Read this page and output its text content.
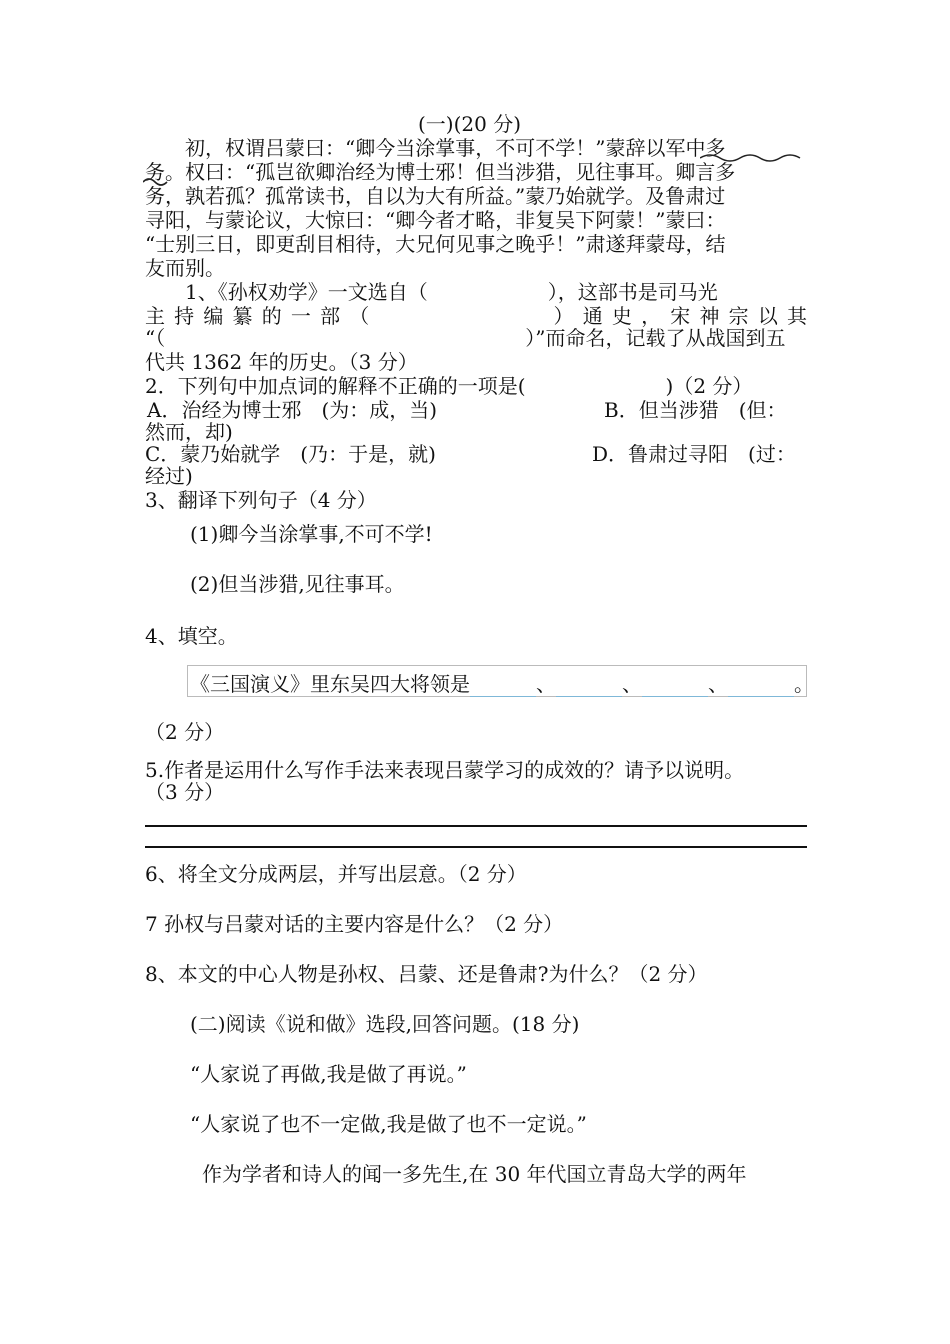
(一)(20 分)
　　初，权谓吕蒙曰：“卿今当涂掌事，不可不学！”蒙辞以军中多
务。权曰：“孤岂欲卿治经为博士邪！但当涉猎，见往事耳。卿言多
务，孰若孤？孤常读书，自以为大有所益。”蒙乃始就学。及鲁肃过
寻阳，与蒙论议，大惊曰：“卿今者才略，非复吴下阿蒙！”蒙曰：
“士别三日，即更刮目相待，大兄何见事之晚乎！”肃遂拜蒙母，结
友而别。
　　1、《孙权劝学》一文选自（　　　　　　），这部书是司马光
主持编纂的一部（　　　　　　）通史，宋神宗以其
“（　　　　　　　　　　　　　　　　　　）”而命名，记载了从战国到五
代共 1362 年的历史。（3 分）
2．下列句中加点词的解释不正确的一项是(　　　　　　　)（2 分）
A．治经为博士邪　(为：成，当)	B．但当涉猎　(但：
然而，却)
C．蒙乃始就学　(乃：于是，就)	D．鲁肃过寻阳　(过：
经过)
3、翻译下列句子（4 分）
(1)卿今当涂掌事,不可不学!
(2)但当涉猎,见往事耳。
4、填空。
《三国演义》里东吴四大将领是	、	、	、	。
（2 分）
5.作者是运用什么写作手法来表现吕蒙学习的成效的？请予以说明。
（3 分）
6、将全文分成两层，并写出层意。（2 分）
7 孙权与吕蒙对话的主要内容是什么？（2 分）
8、本文的中心人物是孙权、吕蒙、还是鲁肃?为什么？（2 分）
(二)阅读《说和做》选段,回答问题。(18 分)
“人家说了再做,我是做了再说。”
“人家说了也不一定做,我是做了也不一定说。”
作为学者和诗人的闻一多先生,在 30 年代国立青岛大学的两年
